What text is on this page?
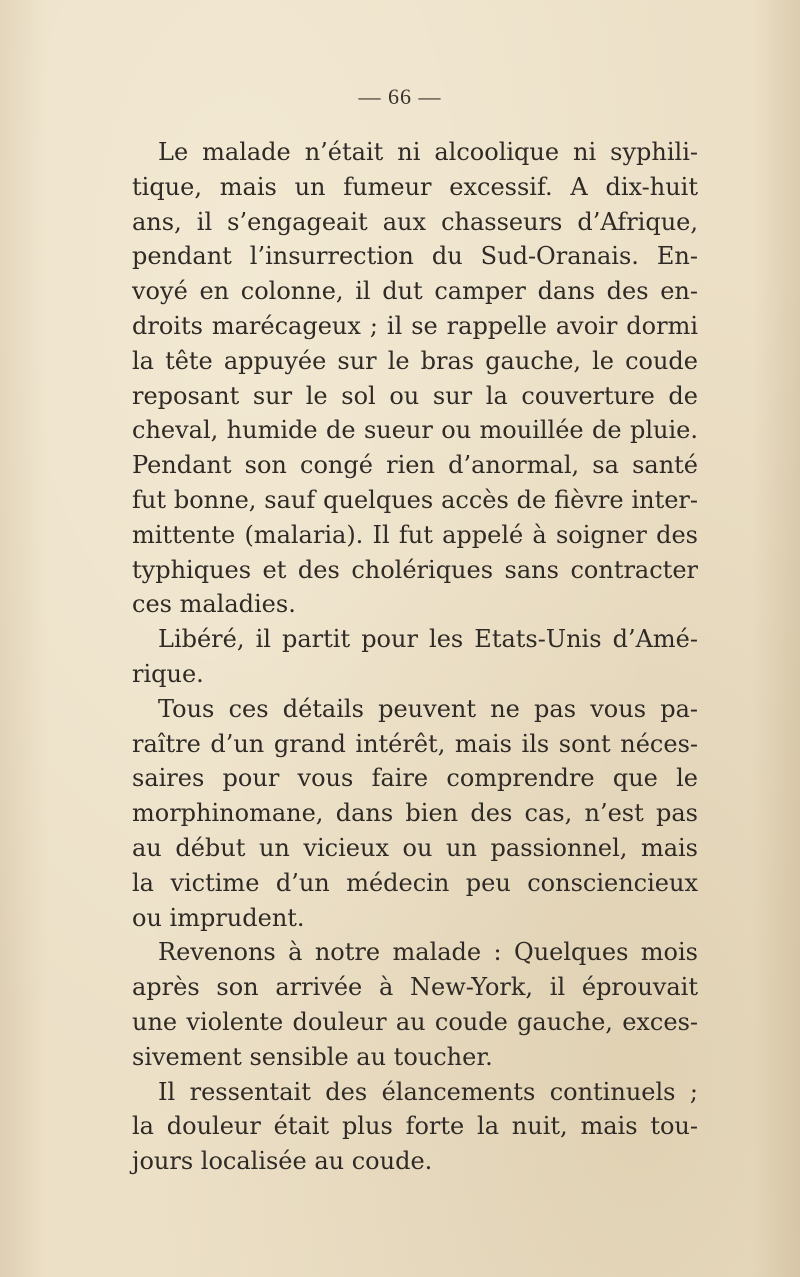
— 66 —
Le malade n’était ni alcoolique ni syphili-
tique, mais un fumeur excessif. A dix-huit
ans, il s’engageait aux chasseurs d’Afrique,
pendant l’insurrection du Sud-Oranais. En-
voyé en colonne, il dut camper dans des en-
droits marécageux ; il se rappelle avoir dormi
la tête appuyée sur le bras gauche, le coude
reposant sur le sol ou sur la couverture de
cheval, humide de sueur ou mouillée de pluie.
Pendant son congé rien d’anormal, sa santé
fut bonne, sauf quelques accès de fièvre inter-
mittente (malaria). Il fut appelé à soigner des
typhiques et des cholériques sans contracter
ces maladies.
Libéré, il partit pour les Etats-Unis d’Amé-
rique.
Tous ces détails peuvent ne pas vous pa-
raître d’un grand intérêt, mais ils sont néces-
saires pour vous faire comprendre que le
morphinomane, dans bien des cas, n’est pas
au début un vicieux ou un passionnel, mais
la victime d’un médecin peu consciencieux
ou imprudent.
Revenons à notre malade : Quelques mois
après son arrivée à New-York, il éprouvait
une violente douleur au coude gauche, exces-
sivement sensible au toucher.
Il ressentait des élancements continuels ;
la douleur était plus forte la nuit, mais tou-
jours localisée au coude.
